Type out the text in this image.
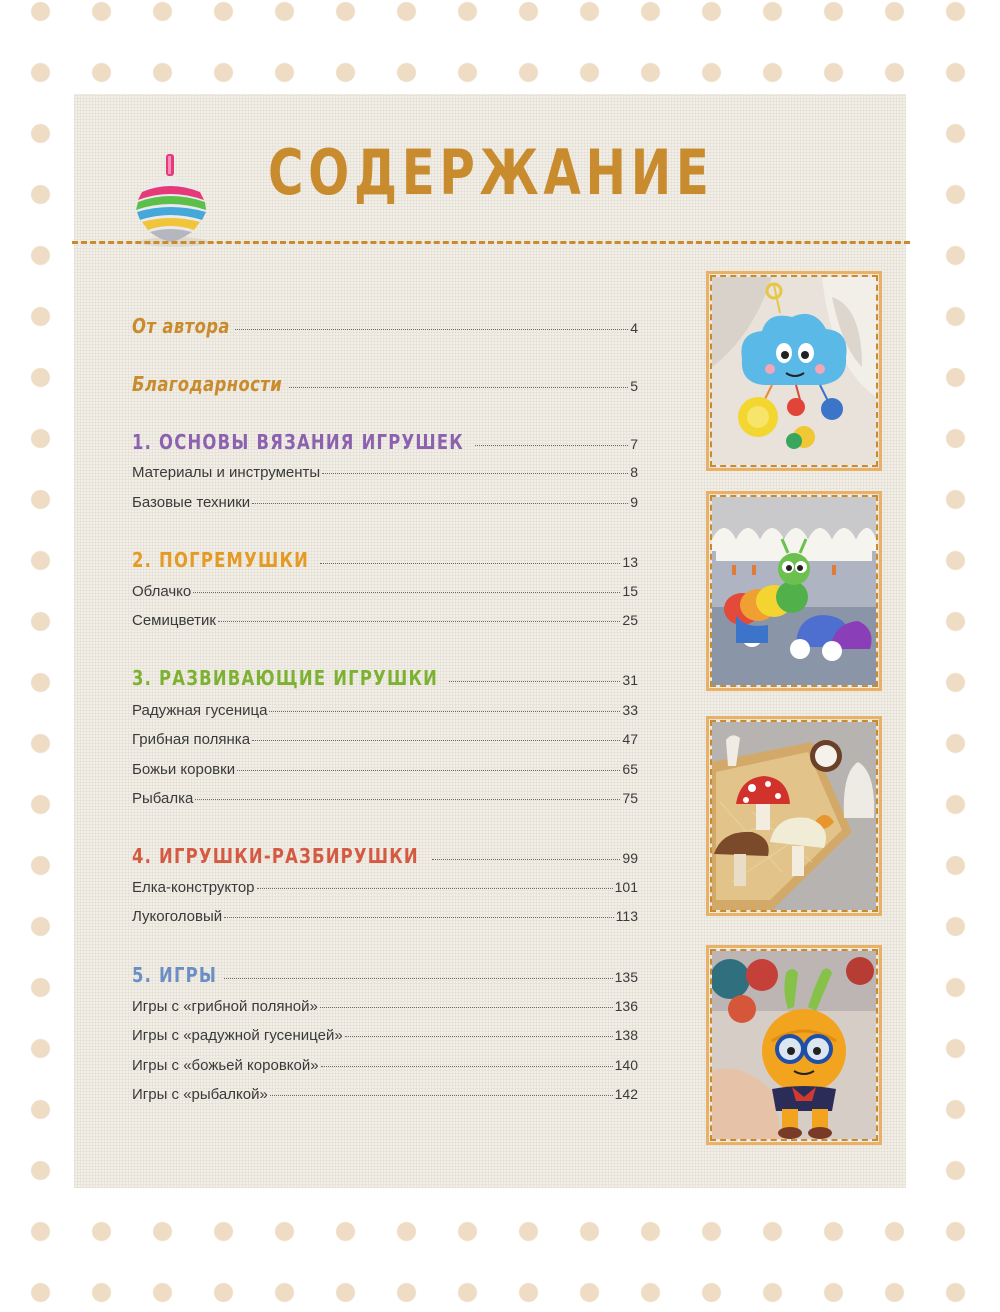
СОДЕРЖАНИЕ
От автора	4
Благодарности	5
1. ОСНОВЫ ВЯЗАНИЯ ИГРУШЕК	7
Материалы и инструменты	8
Базовые техники	9
2. ПОГРЕМУШКИ	13
Облачко	15
Семицветик	25
3. РАЗВИВАЮЩИЕ ИГРУШКИ	31
Радужная гусеница	33
Грибная полянка	47
Божьи коровки	65
Рыбалка	75
4. ИГРУШКИ-РАЗБИРУШКИ	99
Елка-конструктор	101
Лукоголовый	113
5. ИГРЫ	135
Игры с «грибной поляной»	136
Игры с «радужной гусеницей»	138
Игры с «божьей коровкой»	140
Игры с «рыбалкой»	142
